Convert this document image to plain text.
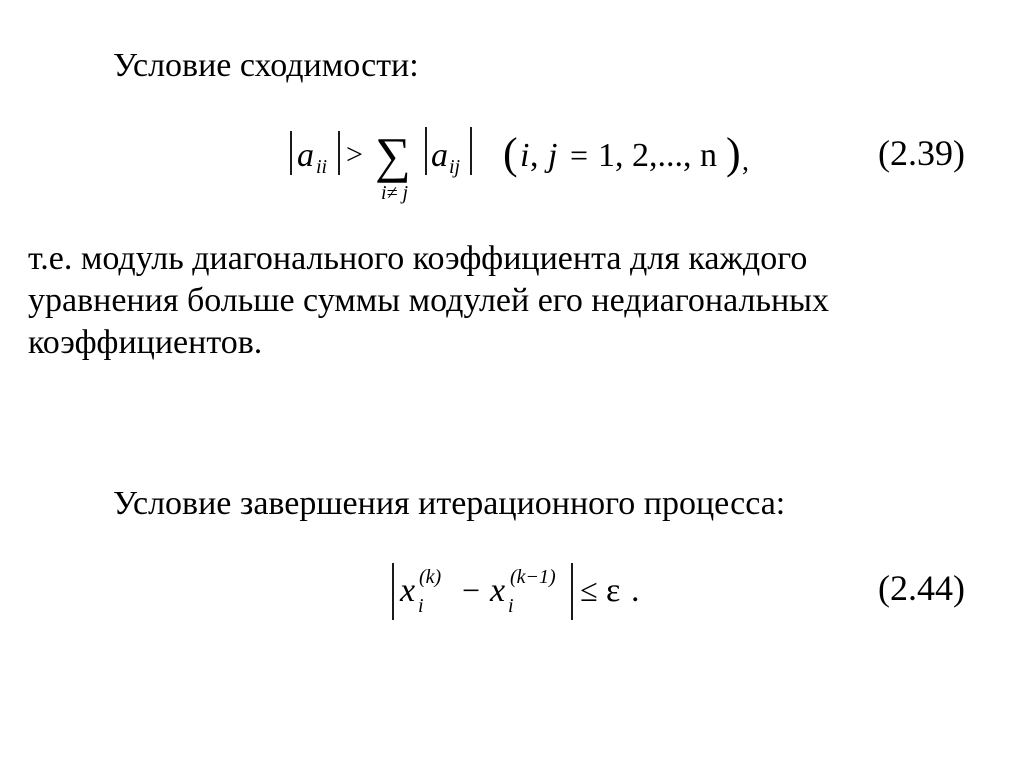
Условие сходимости:
a ii > ∑
i≠ j
a ij ( i , j = 1, 2,..., n ) ,	(2.39)
т.е. модуль диагонального коэффициента для каждого
уравнения больше суммы модулей его недиагональных
коэффициентов.
Условие завершения итерационного процесса:
x i
(k) − x i
(k−1) ≤ ε .	(2.44)
